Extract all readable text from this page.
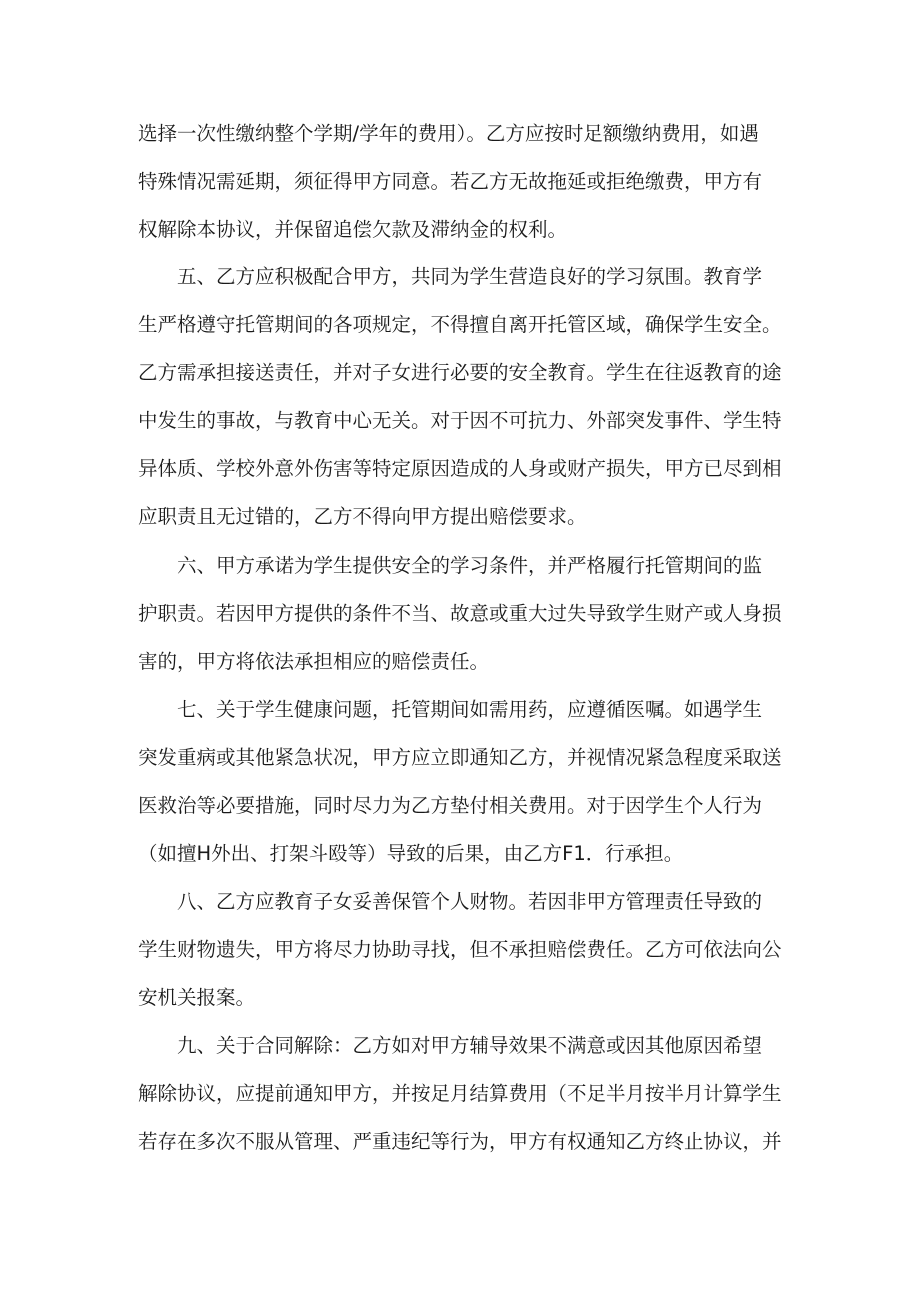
选择一次性缴纳整个学期/学年的费用）。乙方应按时足额缴纳费用，如遇
特殊情况需延期，须征得甲方同意。若乙方无故拖延或拒绝缴费，甲方有
权解除本协议，并保留追偿欠款及滞纳金的权利。
五、乙方应积极配合甲方，共同为学生营造良好的学习氛围。教育学
生严格遵守托管期间的各项规定，不得擅自离开托管区域，确保学生安全。
乙方需承担接送责任，并对子女进行必要的安全教育。学生在往返教育的途
中发生的事故，与教育中心无关。对于因不可抗力、外部突发事件、学生特
异体质、学校外意外伤害等特定原因造成的人身或财产损失，甲方已尽到相
应职责且无过错的，乙方不得向甲方提出赔偿要求。
六、甲方承诺为学生提供安全的学习条件，并严格履行托管期间的监
护职责。若因甲方提供的条件不当、故意或重大过失导致学生财产或人身损
害的，甲方将依法承担相应的赔偿责任。
七、关于学生健康问题，托管期间如需用药，应遵循医嘱。如遇学生
突发重病或其他紧急状况，甲方应立即通知乙方，并视情况紧急程度采取送
医救治等必要措施，同时尽力为乙方垫付相关费用。对于因学生个人行为
（如擅H外出、打架斗殴等）导致的后果，由乙方F1．行承担。
八、乙方应教育子女妥善保管个人财物。若因非甲方管理责任导致的
学生财物遗失，甲方将尽力协助寻找，但不承担赔偿费任。乙方可依法向公
安机关报案。
九、关于合同解除：乙方如对甲方辅导效果不满意或因其他原因希望
解除协议，应提前通知甲方，并按足月结算费用（不足半月按半月计算学生
若存在多次不服从管理、严重违纪等行为，甲方有权通知乙方终止协议，并
